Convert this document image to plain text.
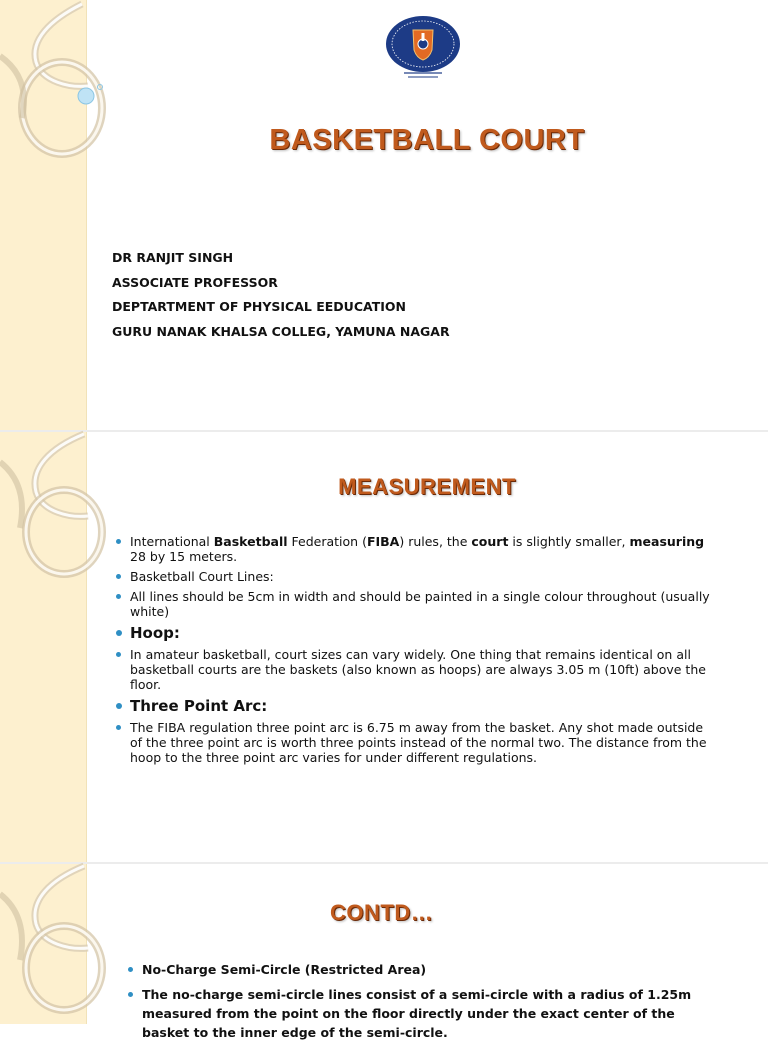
BASKETBALL COURT
DR RANJIT SINGH
ASSOCIATE PROFESSOR
DEPTARTMENT OF PHYSICAL EEDUCATION
GURU NANAK KHALSA COLLEG, YAMUNA NAGAR
MEASUREMENT
International Basketball Federation (FIBA) rules, the court is slightly smaller, measuring 28 by 15 meters.
Basketball Court Lines:
All lines should be 5cm in width and should be painted in a single colour throughout (usually white)
Hoop:
In amateur basketball, court sizes can vary widely. One thing that remains identical on all basketball courts are the baskets (also known as hoops) are always 3.05 m (10ft) above the floor.
Three Point Arc:
The FIBA regulation three point arc is 6.75 m away from the basket. Any shot made outside of the three point arc is worth three points instead of the normal two. The distance from the hoop to the three point arc varies for under different regulations.
CONTD…
No-Charge Semi-Circle (Restricted Area)
The no-charge semi-circle lines consist of a semi-circle with a radius of 1.25m measured from the point on the floor directly under the exact center of the basket to the inner edge of the semi-circle.
